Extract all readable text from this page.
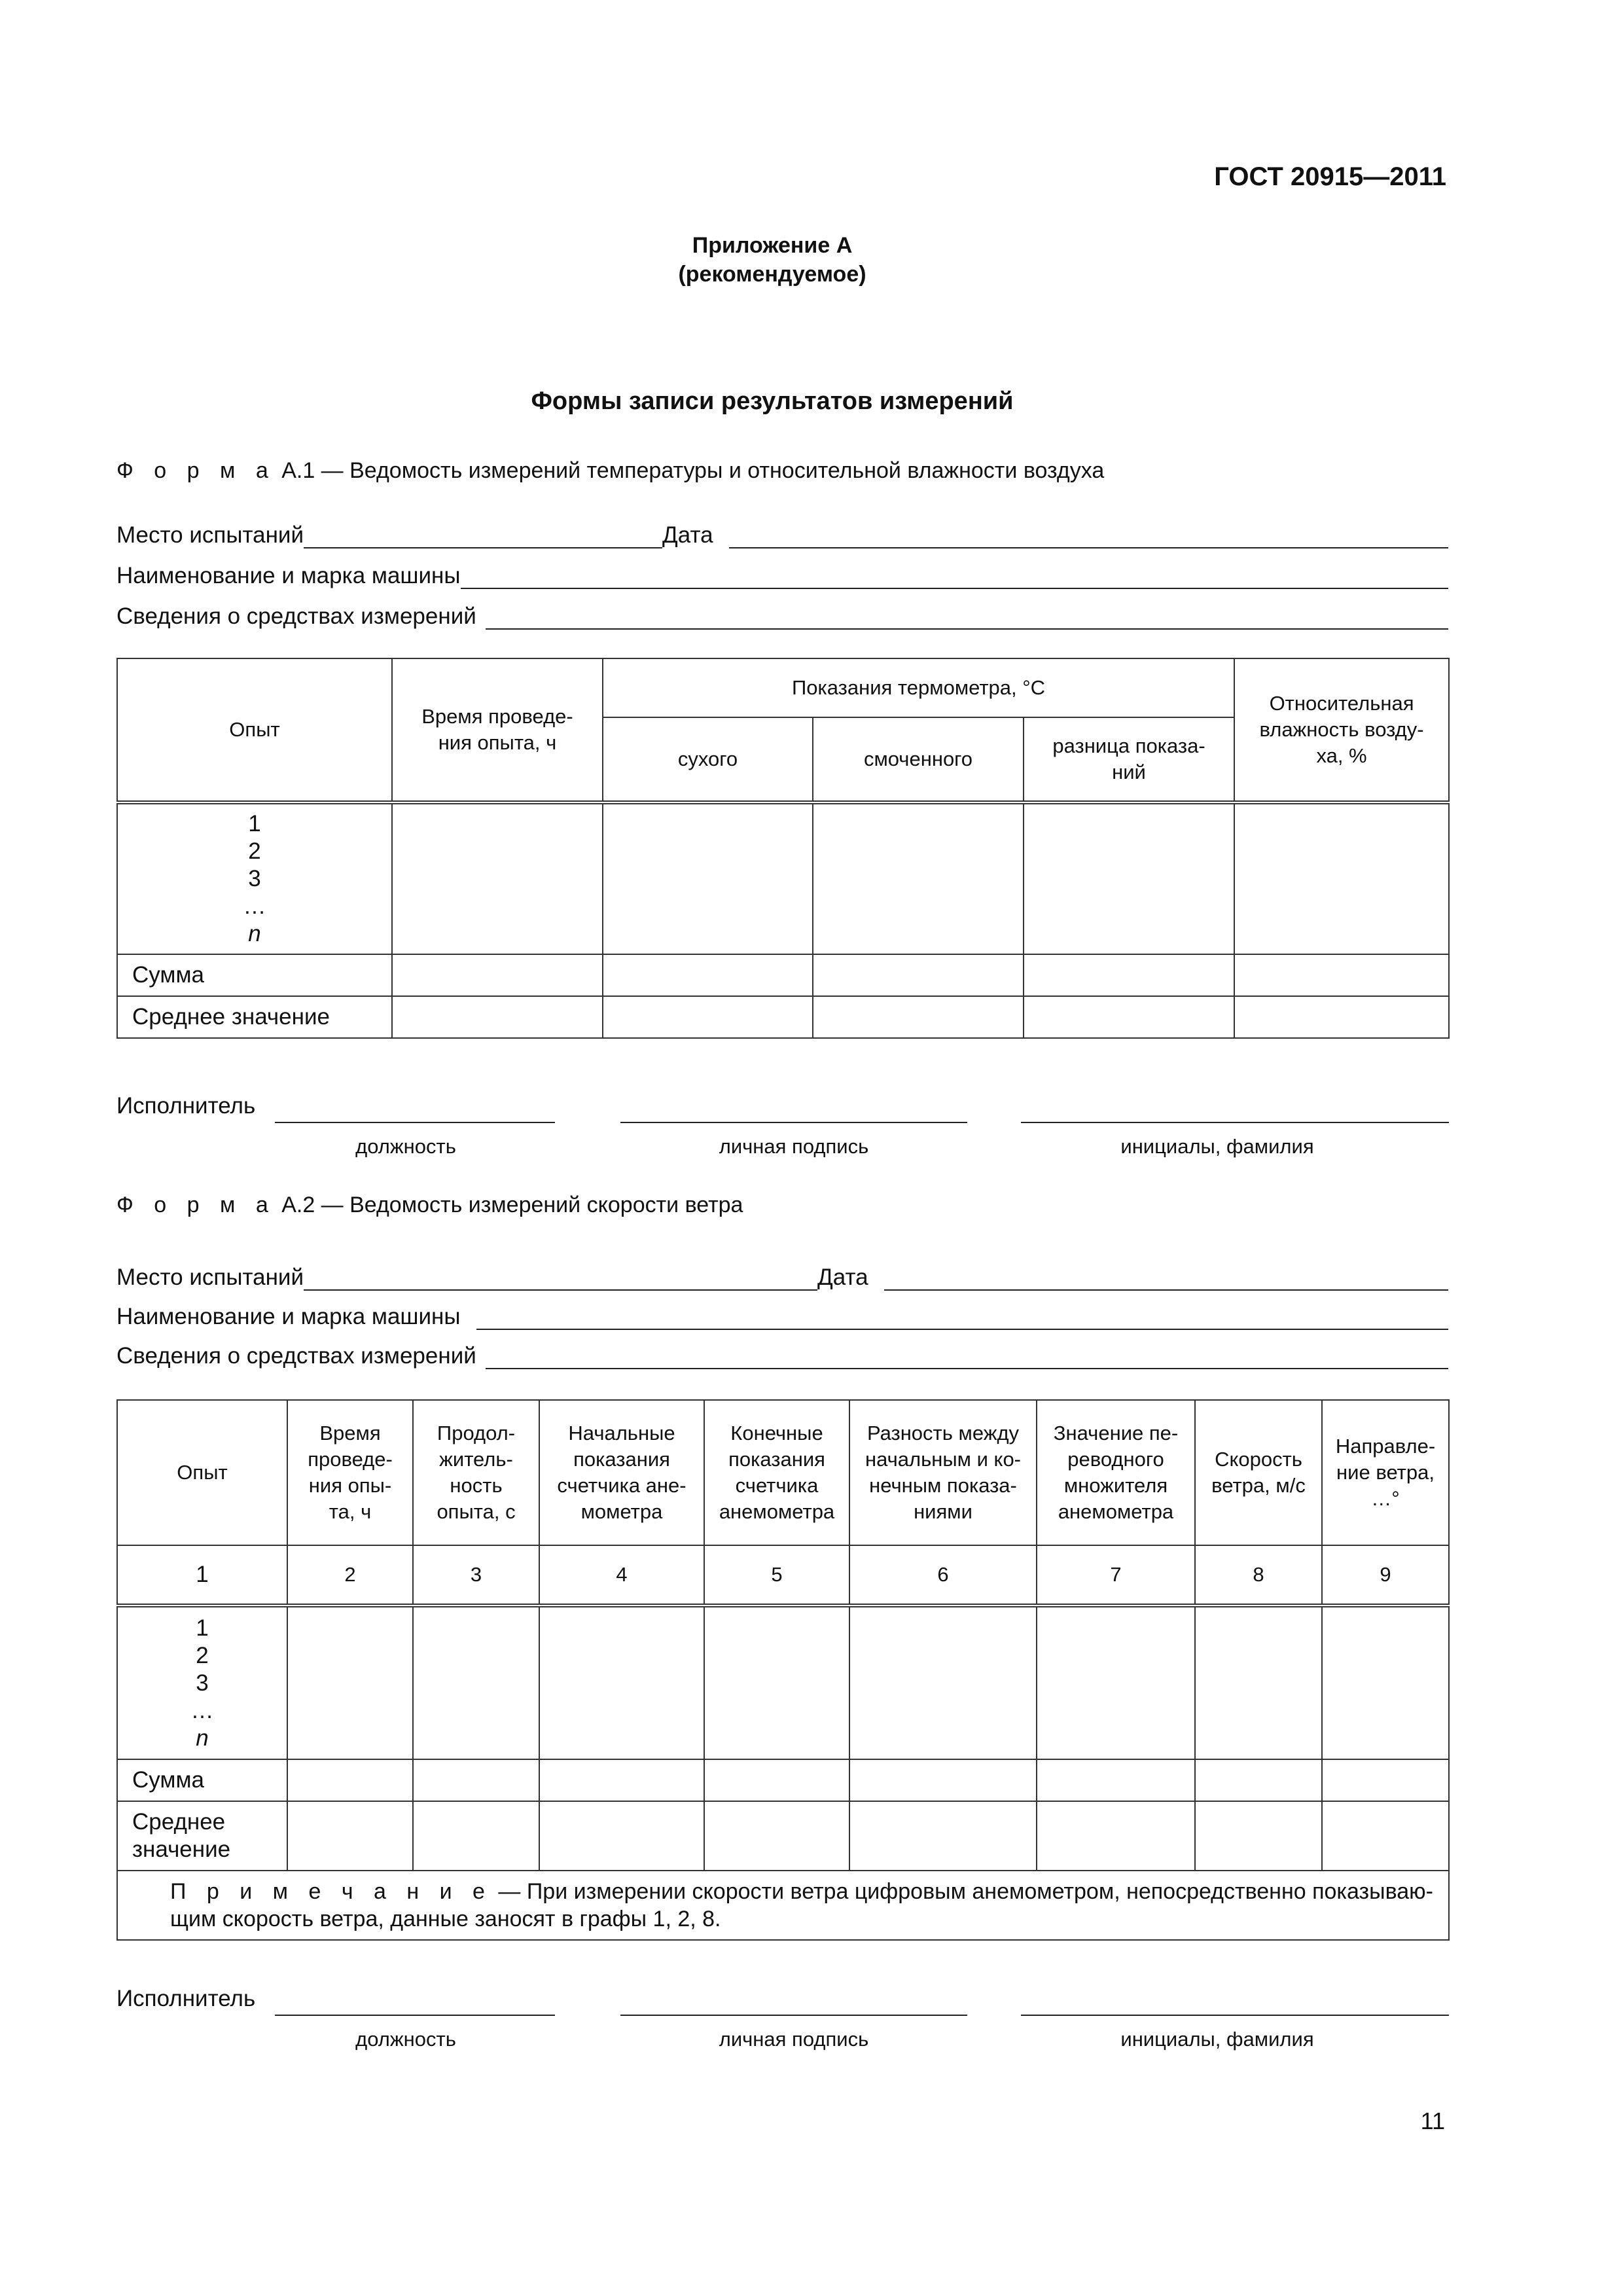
ГОСТ 20915—2011
Приложение А
(рекомендуемое)
Формы записи результатов измерений
Ф о р м а А.1 — Ведомость измерений температуры и относительной влажности воздуха
Место испытаний	Дата
Наименование и марка машины
Сведения о средствах измерений
Опыт	Время проведе-ния опыта, ч	Показания термометра, °С			Относительная влажность возду-ха, %
		сухого	смоченного	разница показа-ний	

1
2
3
…
n					

Сумма					
Среднее значение					
Исполнитель
должность	личная подпись	инициалы, фамилия
Ф о р м а А.2 — Ведомость измерений скорости ветра
Место испытаний	Дата
Наименование и марка машины
Сведения о средствах измерений
Опыт	Время проведе-ния опы-та, ч	Продол-житель-ность опыта, с	Начальные показания счетчика ане-мометра	Конечные показания счетчика анемометра	Разность между начальным и ко-нечным показа-ниями	Значение пе-реводного множителя анемометра	Скорость ветра, м/с	Направле-ние ветра, …°
1	2	3	4	5	6	7	8	9

1
2
3
…
n								

Сумма								
Среднее значение								
П р и м е ч а н и е — При измерении скорости ветра цифровым анемометром, непосредственно показываю-щим скорость ветра, данные заносят в графы 1, 2, 8.								
Исполнитель
должность	личная подпись	инициалы, фамилия
11
